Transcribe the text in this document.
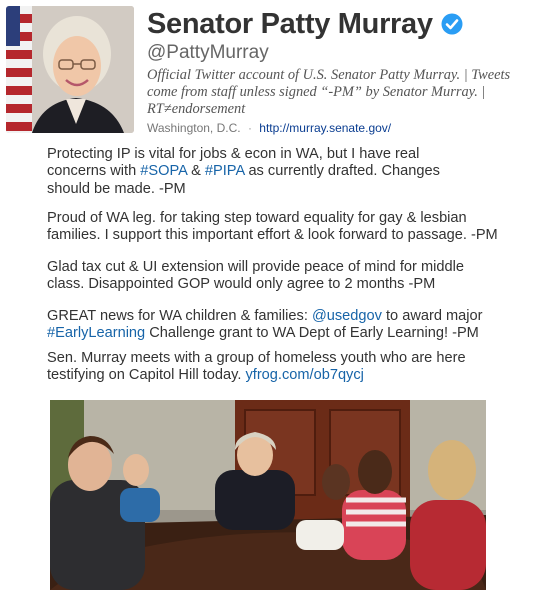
Senator Patty Murray
@PattyMurray
Official Twitter account of U.S. Senator Patty Murray. | Tweets come from staff unless signed “-PM” by Senator Murray. | RT≠endorsement
Washington, D.C. · http://murray.senate.gov/
Protecting IP is vital for jobs & econ in WA, but I have real concerns with #SOPA & #PIPA as currently drafted. Changes should be made. -PM
Proud of WA leg. for taking step toward equality for gay & lesbian families. I support this important effort & look forward to passage. -PM
Glad tax cut & UI extension will provide peace of mind for middle class. Disappointed GOP would only agree to 2 months -PM
GREAT news for WA children & families: @usedgov to award major #EarlyLearning Challenge grant to WA Dept of Early Learning! -PM
Sen. Murray meets with a group of homeless youth who are here testifying on Capitol Hill today. yfrog.com/ob7qycj
